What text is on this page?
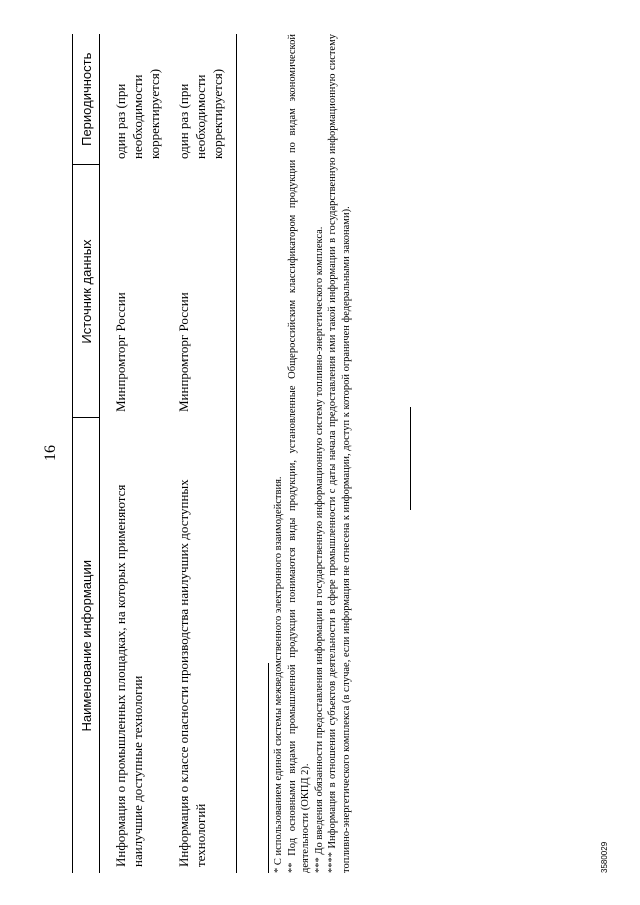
16
Наименование информации	Источник данных	Периодичность
Информация о промышленных площадках, на которых применяются наилучшие доступные технологии	Минпромторг России	один раз (при необходимости корректируется)
Информация о классе опасности производства наилучших доступных технологий	Минпромторг России	один раз (при необходимости корректируется)

* С использованием единой системы межведомственного электронного взаимодействия. ** Под основными видами промышленной продукции понимаются виды продукции, установленные Общероссийским классификатором продукции по видам экономической деятельности (ОКПД 2). *** До введения обязанности предоставления информации в государственную информационную систему топливно-энергетического комплекса. **** Информация в отношении субъектов деятельности в сфере промышленности с даты начала предоставления ими такой информации в государственную информационную систему топливно-энергетического комплекса (в случае, если информация не отнесена к информации, доступ к которой ограничен федеральными законами).	3580029
